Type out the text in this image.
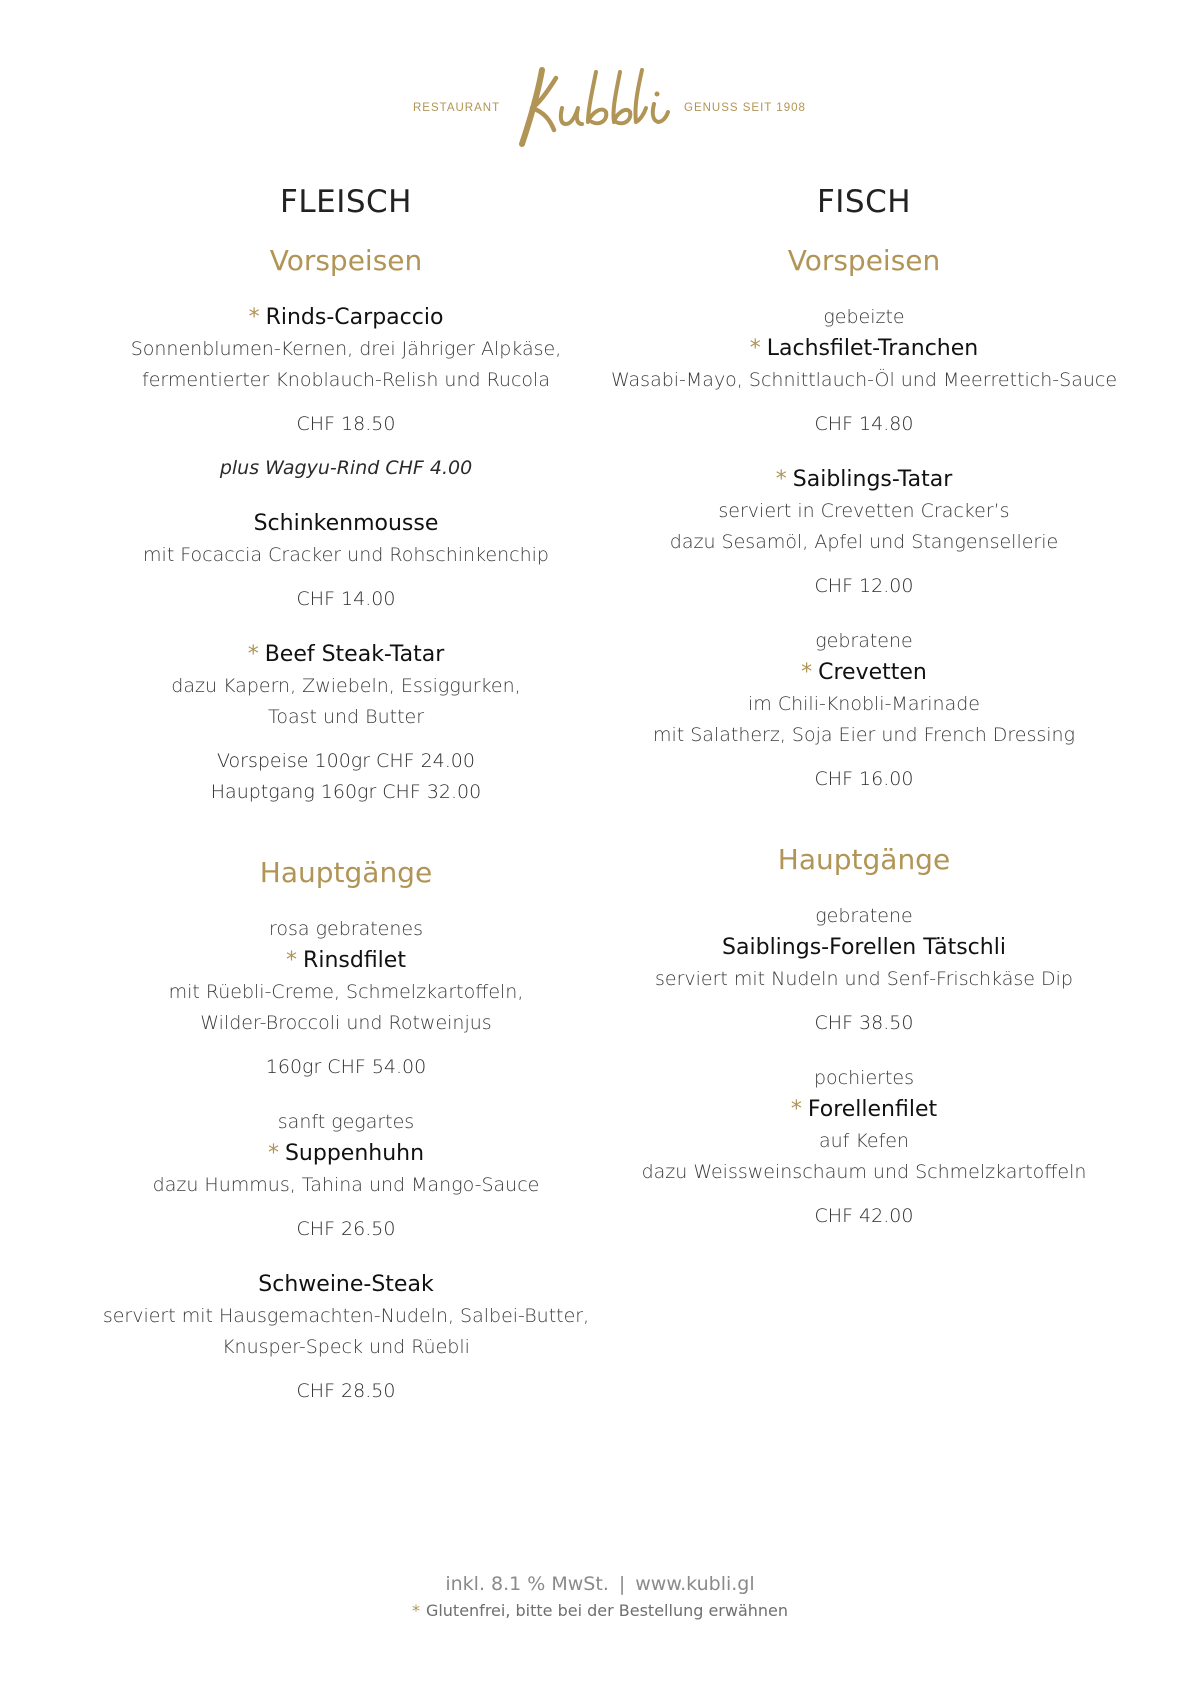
RESTAURANT	GENUSS SEIT 1908
FLEISCH
Vorspeisen
* Rinds-Carpaccio
Sonnenblumen-Kernen, drei Jähriger Alpkäse,
fermentierter Knoblauch-Relish und Rucola
CHF 18.50
plus Wagyu-Rind CHF 4.00
Schinkenmousse
mit Focaccia Cracker und Rohschinkenchip
CHF 14.00
* Beef Steak-Tatar
dazu Kapern, Zwiebeln, Essiggurken,
Toast und Butter
Vorspeise 100gr CHF 24.00
Hauptgang 160gr CHF 32.00
Hauptgänge
rosa gebratenes
* Rinsdfilet
mit Rüebli-Creme, Schmelzkartoffeln,
Wilder-Broccoli und Rotweinjus
160gr CHF 54.00
sanft gegartes
* Suppenhuhn
dazu Hummus, Tahina und Mango-Sauce
CHF 26.50
Schweine-Steak
serviert mit Hausgemachten-Nudeln, Salbei-Butter,
Knusper-Speck und Rüebli
CHF 28.50
FISCH
Vorspeisen
gebeizte
* Lachsfilet-Tranchen
Wasabi-Mayo, Schnittlauch-Öl und Meerrettich-Sauce
CHF 14.80
* Saiblings-Tatar
serviert in Crevetten Cracker’s
dazu Sesamöl, Apfel und Stangensellerie
CHF 12.00
gebratene
* Crevetten
im Chili-Knobli-Marinade
mit Salatherz, Soja Eier und French Dressing
CHF 16.00
Hauptgänge
gebratene
Saiblings-Forellen Tätschli
serviert mit Nudeln und Senf-Frischkäse Dip
CHF 38.50
pochiertes
* Forellenfilet
auf Kefen
dazu Weissweinschaum und Schmelzkartoffeln
CHF 42.00
inkl. 8.1 % MwSt. | www.kubli.gl
* Glutenfrei, bitte bei der Bestellung erwähnen
